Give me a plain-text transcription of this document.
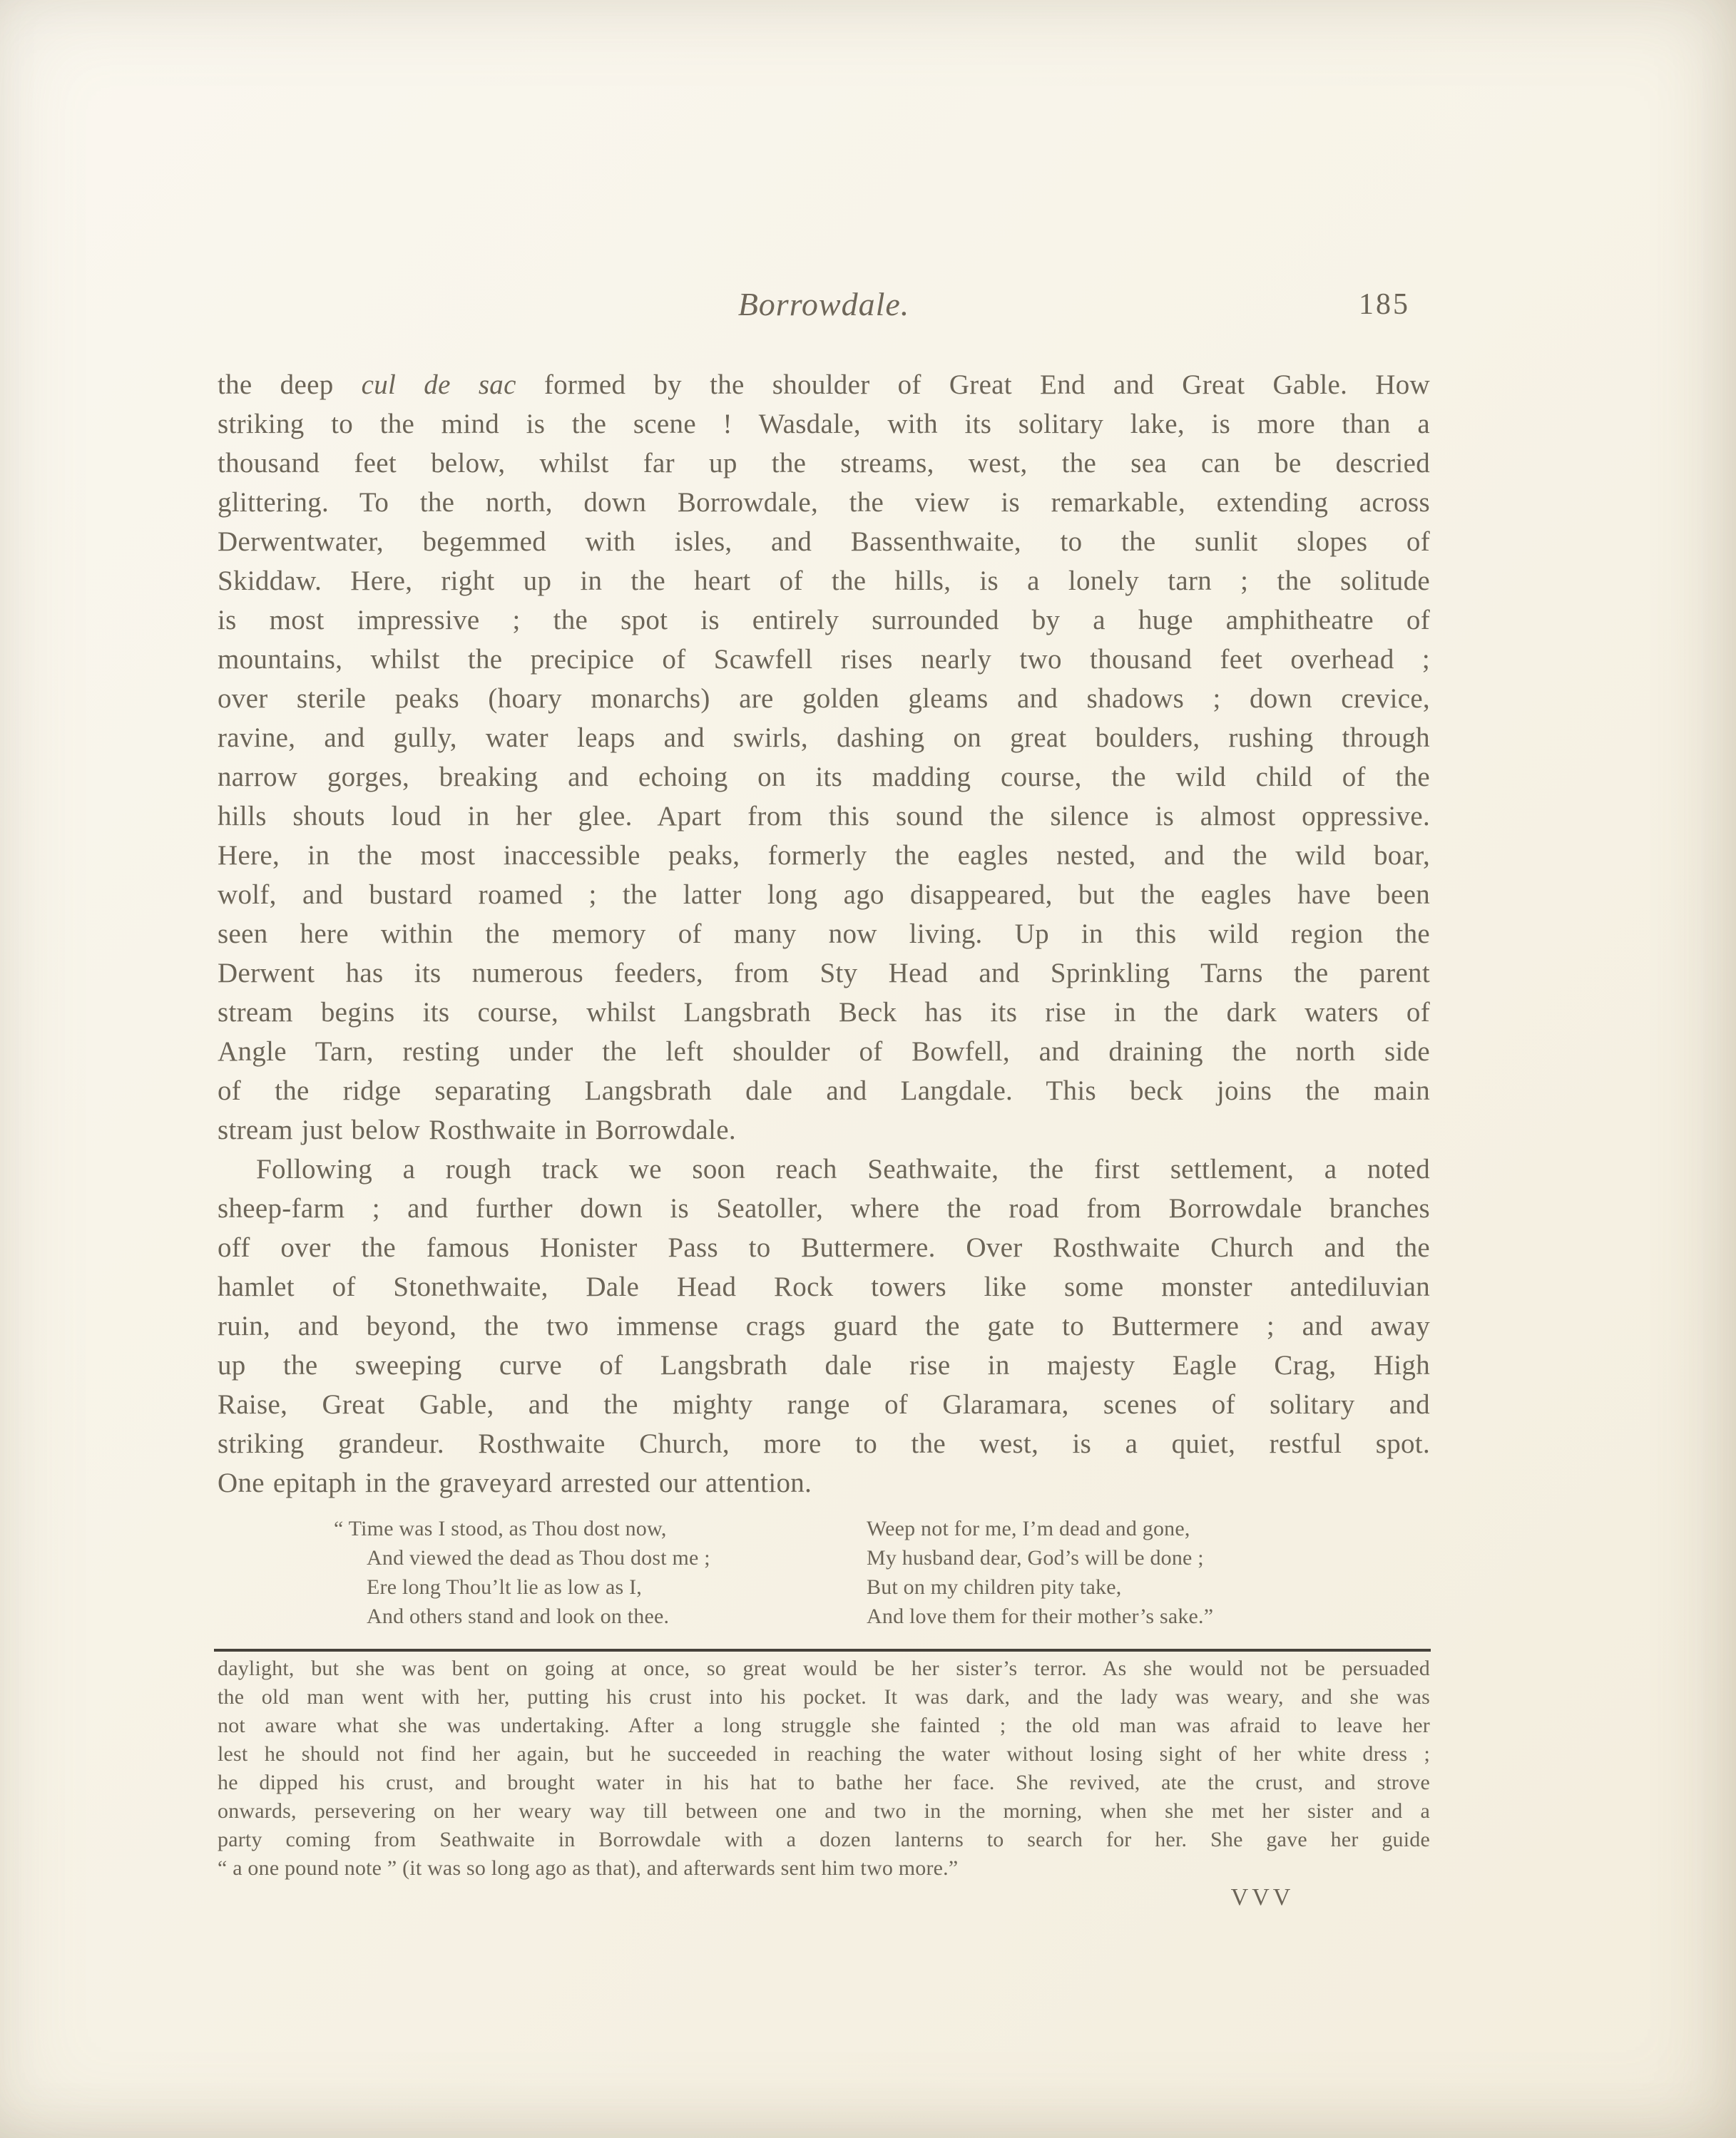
Borrowdale.	185
the deep cul de sac formed by the shoulder of Great End and Great Gable. How
striking to the mind is the scene ! Wasdale, with its solitary lake, is more than a
thousand feet below, whilst far up the streams, west, the sea can be descried
glittering. To the north, down Borrowdale, the view is remarkable, extending across
Derwentwater, begemmed with isles, and Bassenthwaite, to the sunlit slopes of
Skiddaw. Here, right up in the heart of the hills, is a lonely tarn ; the solitude
is most impressive ; the spot is entirely surrounded by a huge amphitheatre of
mountains, whilst the precipice of Scawfell rises nearly two thousand feet overhead ;
over sterile peaks (hoary monarchs) are golden gleams and shadows ; down crevice,
ravine, and gully, water leaps and swirls, dashing on great boulders, rushing through
narrow gorges, breaking and echoing on its madding course, the wild child of the
hills shouts loud in her glee. Apart from this sound the silence is almost oppressive.
Here, in the most inaccessible peaks, formerly the eagles nested, and the wild boar,
wolf, and bustard roamed ; the latter long ago disappeared, but the eagles have been
seen here within the memory of many now living. Up in this wild region the
Derwent has its numerous feeders, from Sty Head and Sprinkling Tarns the parent
stream begins its course, whilst Langsbrath Beck has its rise in the dark waters of
Angle Tarn, resting under the left shoulder of Bowfell, and draining the north side
of the ridge separating Langsbrath dale and Langdale. This beck joins the main
stream just below Rosthwaite in Borrowdale.
Following a rough track we soon reach Seathwaite, the first settlement, a noted
sheep-farm ; and further down is Seatoller, where the road from Borrowdale branches
off over the famous Honister Pass to Buttermere. Over Rosthwaite Church and the
hamlet of Stonethwaite, Dale Head Rock towers like some monster antediluvian
ruin, and beyond, the two immense crags guard the gate to Buttermere ; and away
up the sweeping curve of Langsbrath dale rise in majesty Eagle Crag, High
Raise, Great Gable, and the mighty range of Glaramara, scenes of solitary and
striking grandeur. Rosthwaite Church, more to the west, is a quiet, restful spot.
One epitaph in the graveyard arrested our attention.
“ Time was I stood, as Thou dost now,
And viewed the dead as Thou dost me ;
Ere long Thou’lt lie as low as I,
And others stand and look on thee.
Weep not for me, I’m dead and gone,
My husband dear, God’s will be done ;
But on my children pity take,
And love them for their mother’s sake.”
daylight, but she was bent on going at once, so great would be her sister’s terror. As she would not be persuaded
the old man went with her, putting his crust into his pocket. It was dark, and the lady was weary, and she was
not aware what she was undertaking. After a long struggle she fainted ; the old man was afraid to leave her
lest he should not find her again, but he succeeded in reaching the water without losing sight of her white dress ;
he dipped his crust, and brought water in his hat to bathe her face. She revived, ate the crust, and strove
onwards, persevering on her weary way till between one and two in the morning, when she met her sister and a
party coming from Seathwaite in Borrowdale with a dozen lanterns to search for her. She gave her guide
“ a one pound note ” (it was so long ago as that), and afterwards sent him two more.”
VVV
